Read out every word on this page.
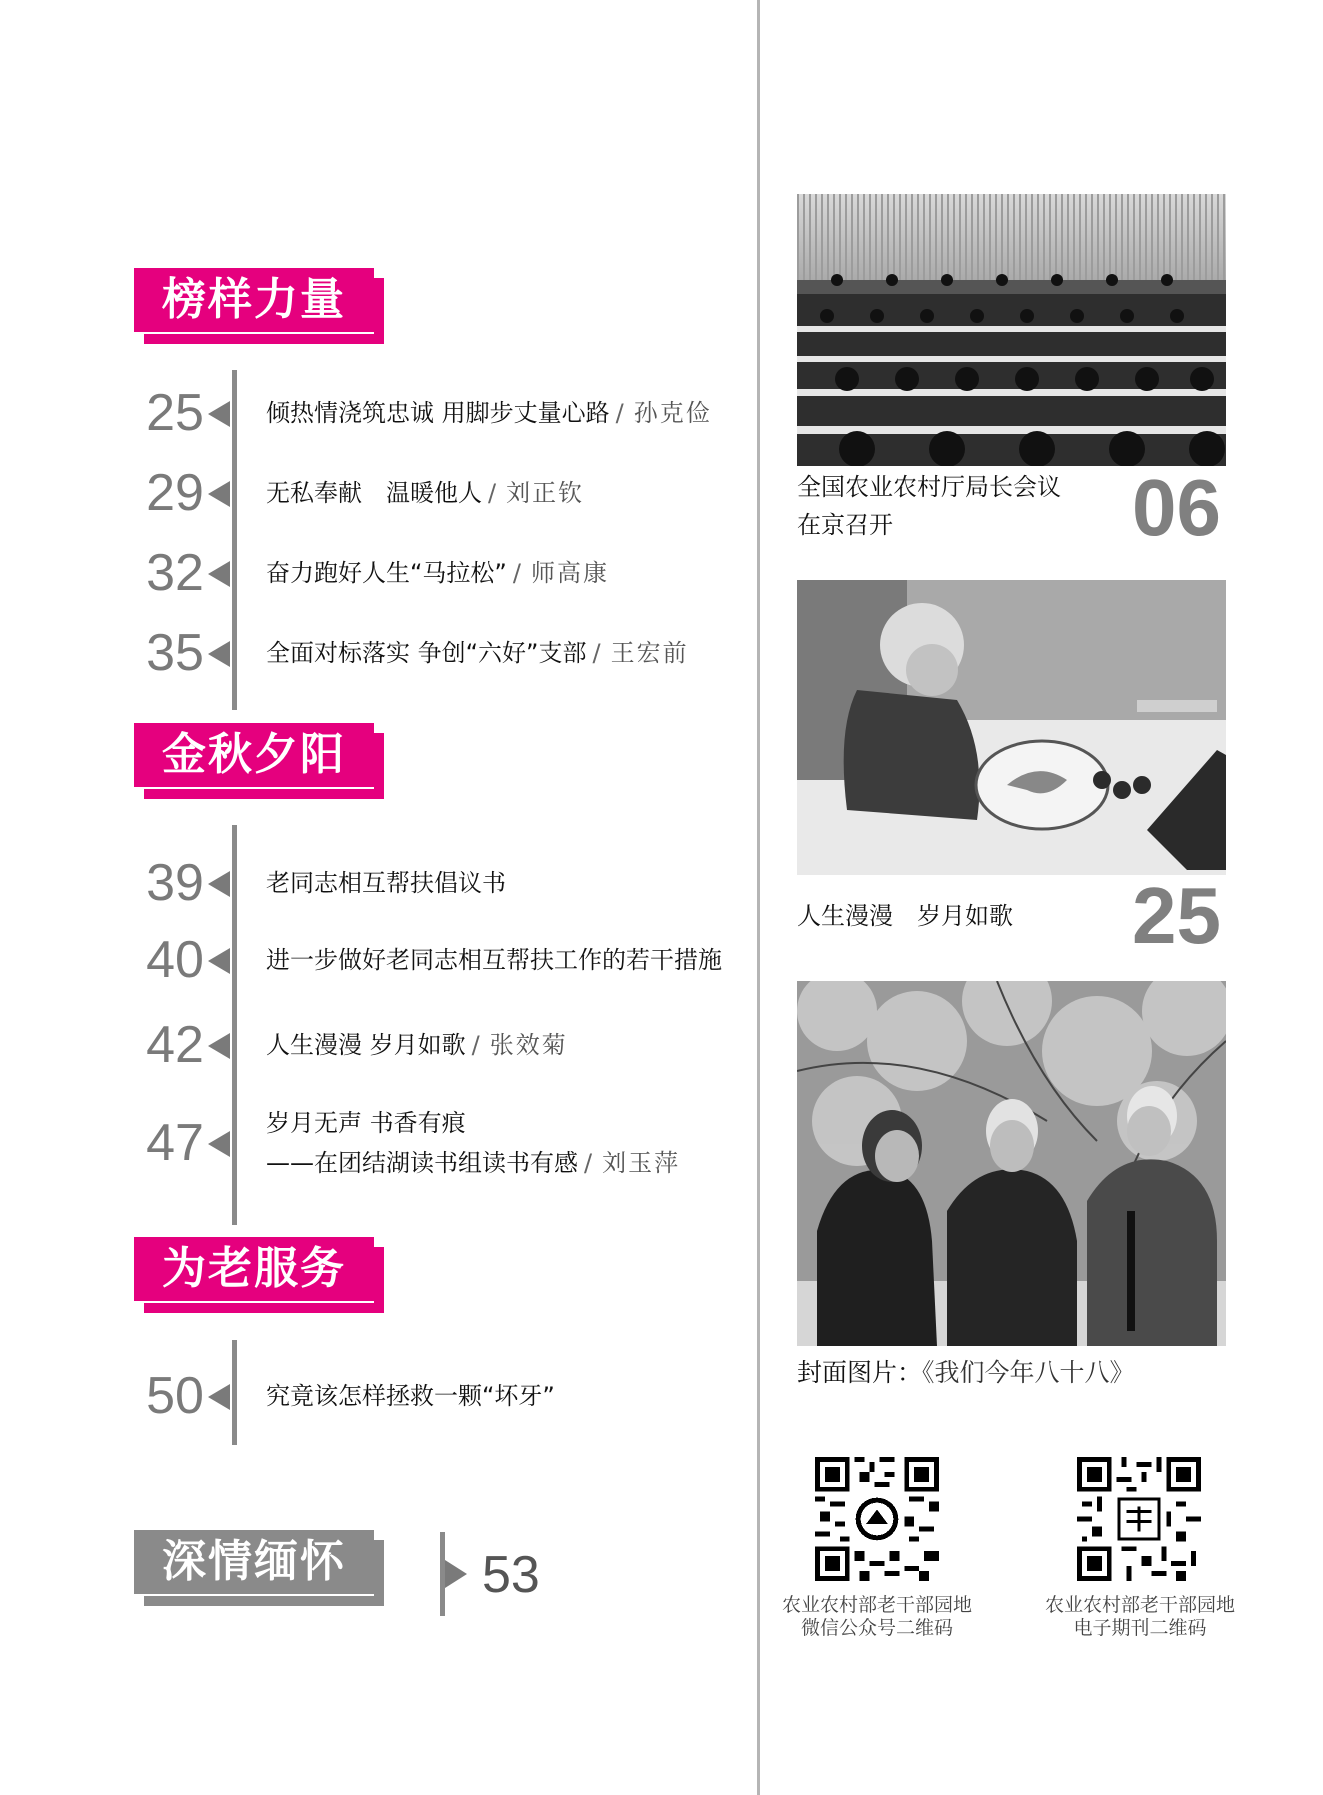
榜样力量
25	倾热情浇筑忠诚 用脚步丈量心路 / 孙克俭
29	无私奉献　温暖他人 / 刘正钦
32	奋力跑好人生“马拉松” / 师高康
35	全面对标落实 争创“六好”支部 / 王宏前
金秋夕阳
39	老同志相互帮扶倡议书
40	进一步做好老同志相互帮扶工作的若干措施
42	人生漫漫 岁月如歌 / 张效菊
47	岁月无声 书香有痕
——在团结湖读书组读书有感 / 刘玉萍
为老服务
50	究竟该怎样拯救一颗“坏牙”
深情缅怀	53
全国农业农村厅局长会议
在京召开	06
人生漫漫　岁月如歌 25
封面图片：《我们今年八十八》
农业农村部老干部园地
微信公众号二维码
农业农村部老干部园地
电子期刊二维码
